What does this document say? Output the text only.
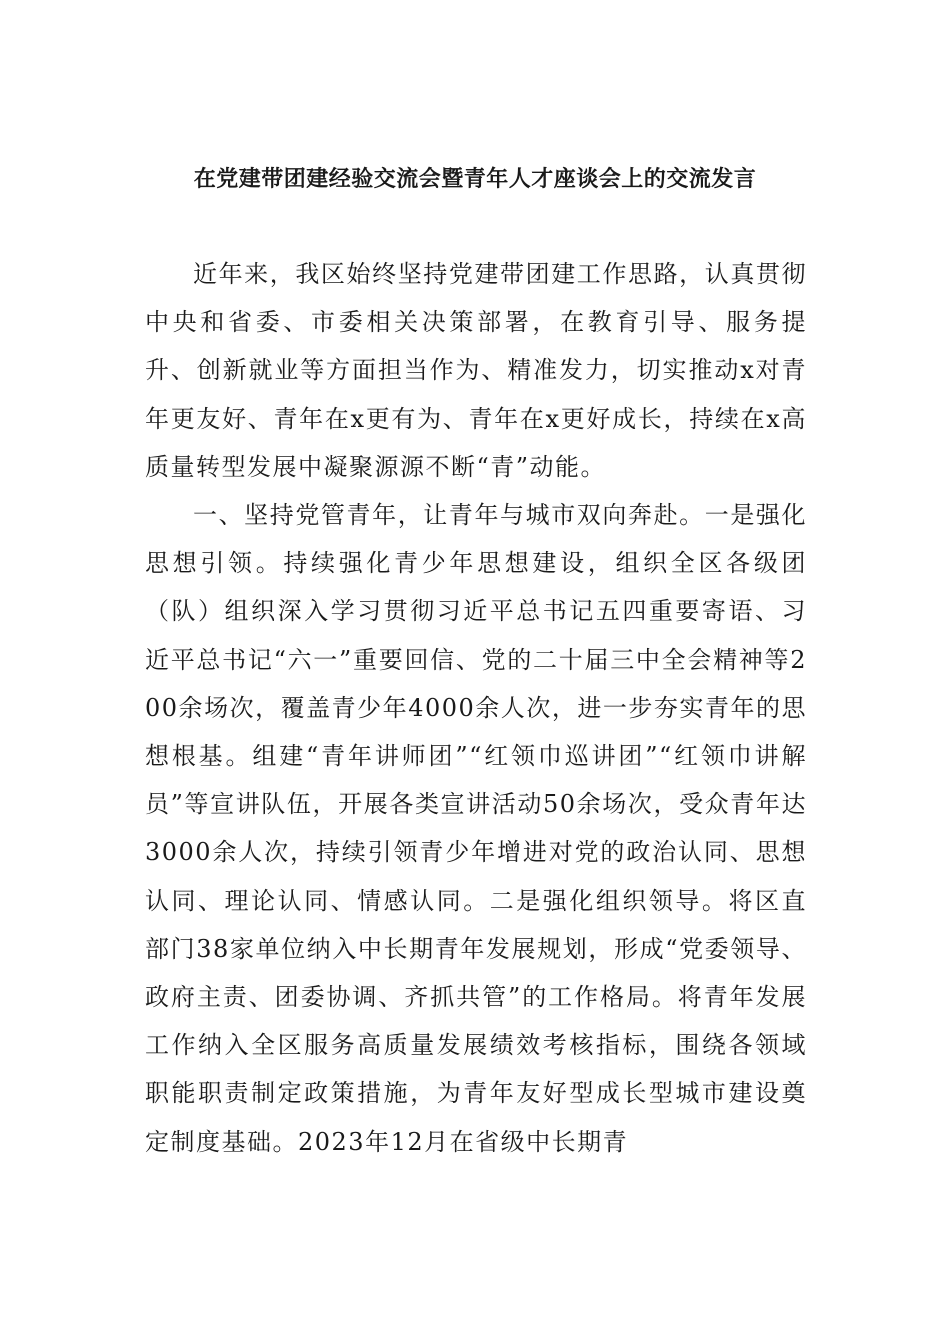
在党建带团建经验交流会暨青年人才座谈会上的交流发言

近年来，我区始终坚持党建带团建工作思路，认真贯彻中央和省委、市委相关决策部署，在教育引导、服务提升、创新就业等方面担当作为、精准发力，切实推动x对青年更友好、青年在x更有为、青年在x更好成长，持续在x高质量转型发展中凝聚源源不断“青”动能。

一、坚持党管青年，让青年与城市双向奔赴。一是强化思想引领。持续强化青少年思想建设，组织全区各级团（队）组织深入学习贯彻习近平总书记五四重要寄语、习近平总书记“六一”重要回信、党的二十届三中全会精神等200余场次，覆盖青少年4000余人次，进一步夯实青年的思想根基。组建“青年讲师团”“红领巾巡讲团”“红领巾讲解员”等宣讲队伍，开展各类宣讲活动50余场次，受众青年达3000余人次，持续引领青少年增进对党的政治认同、思想认同、理论认同、情感认同。二是强化组织领导。将区直部门38家单位纳入中长期青年发展规划，形成“党委领导、政府主责、团委协调、齐抓共管”的工作格局。将青年发展工作纳入全区服务高质量发展绩效考核指标，围绕各领域职能职责制定政策措施，为青年友好型成长型城市建设奠定制度基础。2023年12月在省级中长期青
